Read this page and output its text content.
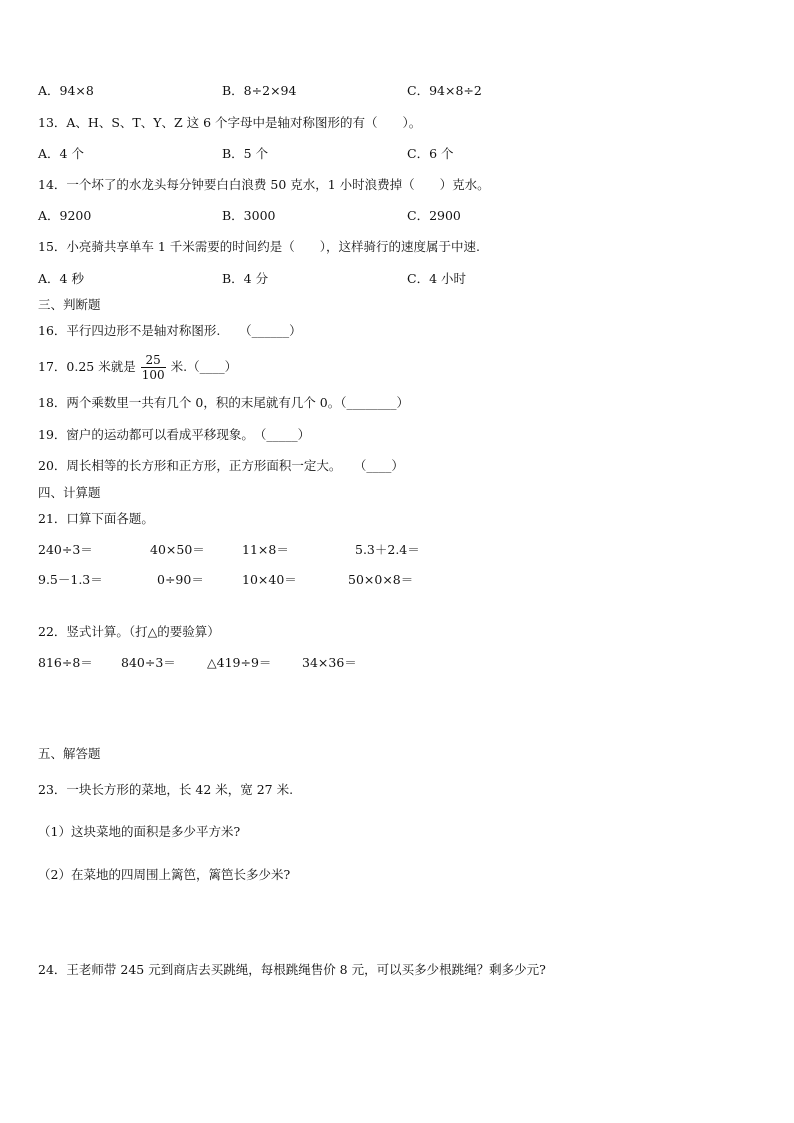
A．94×8	B．8÷2×94	C．94×8÷2
13．A、H、S、T、Y、Z 这 6 个字母中是轴对称图形的有（　　）。
A．4 个	B．5 个	C．6 个
14．一个坏了的水龙头每分钟要白白浪费 50 克水，1 小时浪费掉（　　）克水。
A．9200	B．3000	C．2900
15．小亮骑共享单车 1 千米需要的时间约是（　　），这样骑行的速度属于中速.
A．4 秒	B．4 分	C．4 小时
三、判断题
16．平行四边形不是轴对称图形.　　（______）
17．0.25 米就是 $\frac{25}{100}$ 米.（____）
18．两个乘数里一共有几个 0，积的末尾就有几个 0。（________）
19．窗户的运动都可以看成平移现象。　（_____）
20．周长相等的长方形和正方形，正方形面积一定大。　　（____）
四、计算题
21．口算下面各题。
240÷3＝	40×50＝	11×8＝	5.3＋2.4＝
9.5－1.3＝	0÷90＝	10×40＝	50×0×8＝
22．竖式计算。（打△的要验算）
816÷8＝ 840÷3＝ △419÷9＝ 34×36＝
五、解答题
23．一块长方形的菜地，长 42 米，宽 27 米.
（1）这块菜地的面积是多少平方米?
（2）在菜地的四周围上篱笆，篱笆长多少米?
24．王老师带 245 元到商店去买跳绳，每根跳绳售价 8 元，可以买多少根跳绳？剩多少元?
